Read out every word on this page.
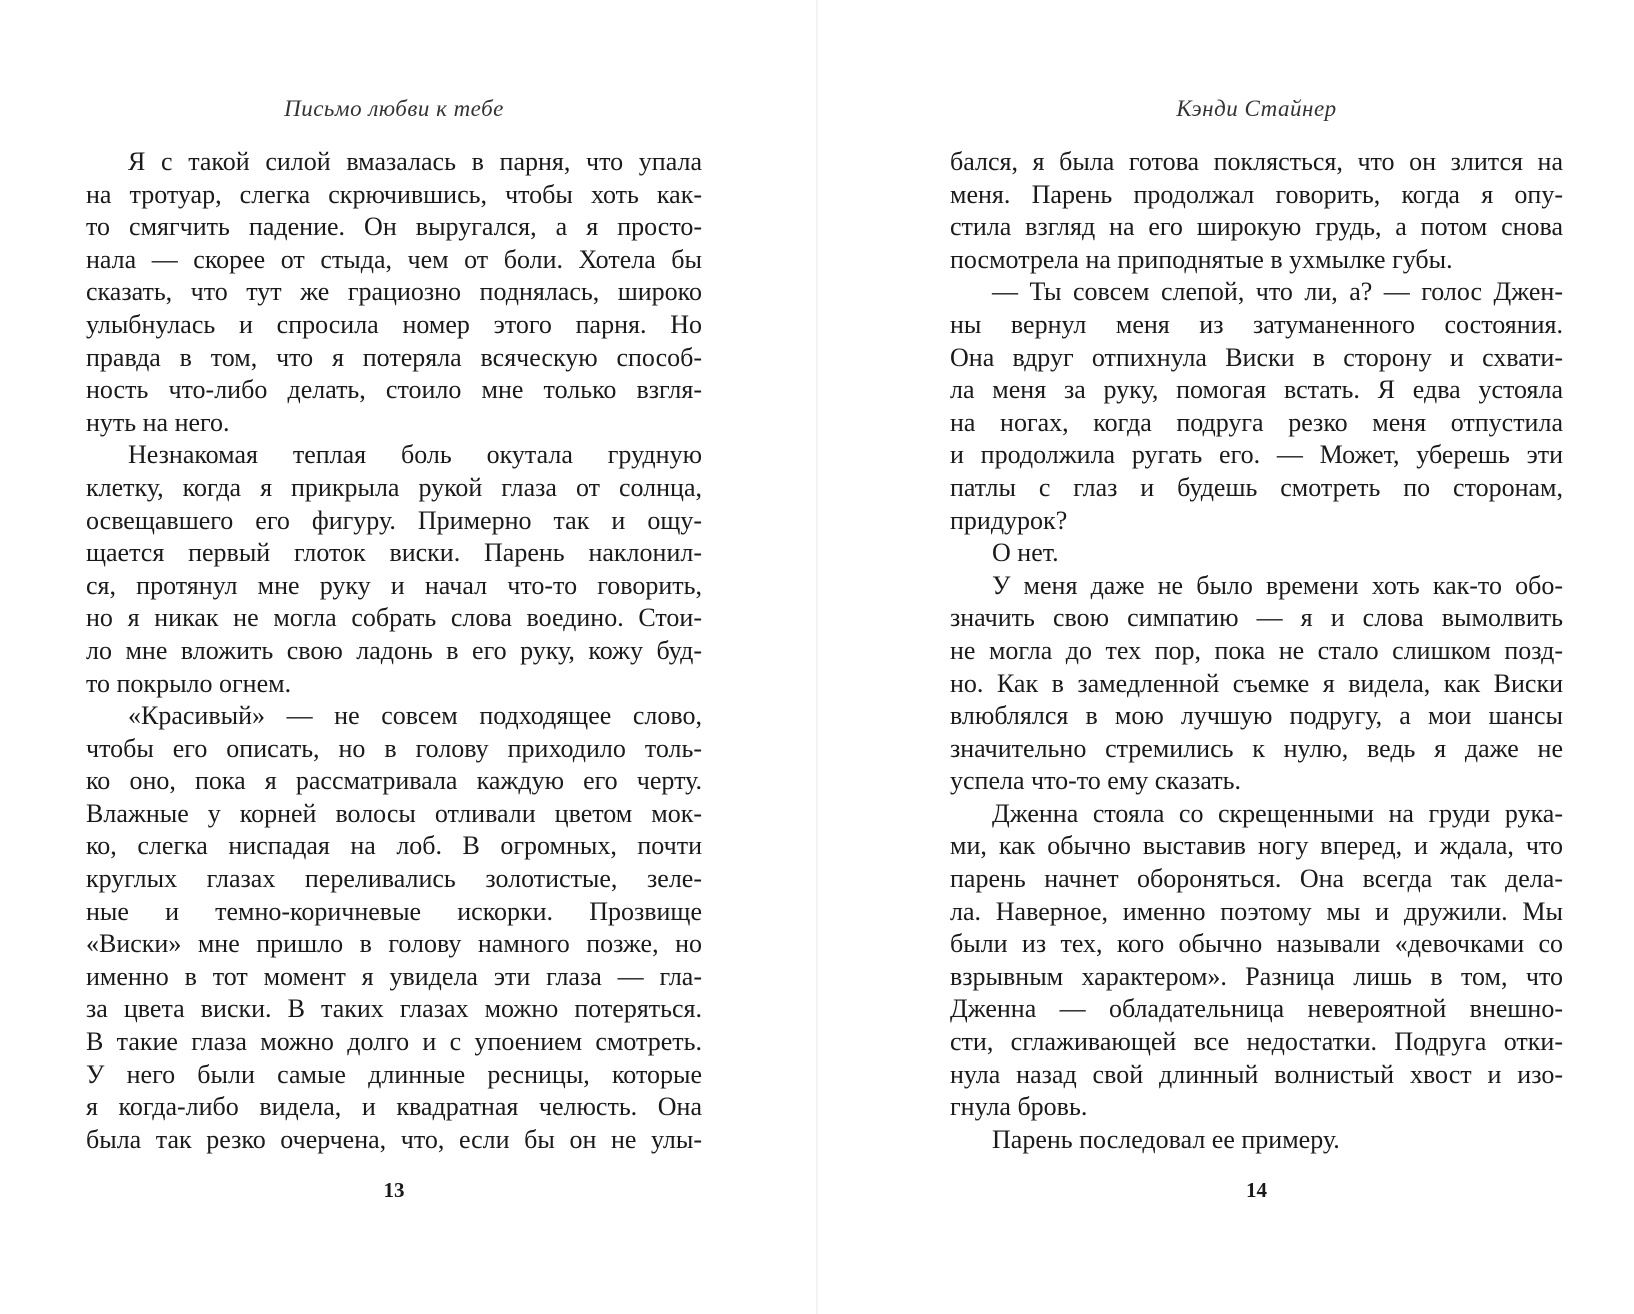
Письмо любви к тебе
Я с такой силой вмазалась в парня, что упала
на тротуар, слегка скрючившись, чтобы хоть как-
то смягчить падение. Он выругался, а я просто-
нала — скорее от стыда, чем от боли. Хотела бы
сказать, что тут же грациозно поднялась, широко
улыбнулась и спросила номер этого парня. Но
правда в том, что я потеряла всяческую способ-
ность что-либо делать, стоило мне только взгля-
нуть на него.
Незнакомая теплая боль окутала грудную
клетку, когда я прикрыла рукой глаза от солнца,
освещавшего его фигуру. Примерно так и ощу-
щается первый глоток виски. Парень наклонил-
ся, протянул мне руку и начал что-то говорить,
но я никак не могла собрать слова воедино. Стои-
ло мне вложить свою ладонь в его руку, кожу буд-
то покрыло огнем.
«Красивый» — не совсем подходящее слово,
чтобы его описать, но в голову приходило толь-
ко оно, пока я рассматривала каждую его черту.
Влажные у корней волосы отливали цветом мок-
ко, слегка ниспадая на лоб. В огромных, почти
круглых глазах переливались золотистые, зеле-
ные и темно-коричневые искорки. Прозвище
«Виски» мне пришло в голову намного позже, но
именно в тот момент я увидела эти глаза — гла-
за цвета виски. В таких глазах можно потеряться.
В такие глаза можно долго и с упоением смотреть.
У него были самые длинные ресницы, которые
я когда-либо видела, и квадратная челюсть. Она
была так резко очерчена, что, если бы он не улы-
13
Кэнди Стайнер
бался, я была готова поклясться, что он злится на
меня. Парень продолжал говорить, когда я опу-
стила взгляд на его широкую грудь, а потом снова
посмотрела на приподнятые в ухмылке губы.
— Ты совсем слепой, что ли, а? — голос Джен-
ны вернул меня из затуманенного состояния.
Она вдруг отпихнула Виски в сторону и схвати-
ла меня за руку, помогая встать. Я едва устояла
на ногах, когда подруга резко меня отпустила
и продолжила ругать его. — Может, уберешь эти
патлы с глаз и будешь смотреть по сторонам,
придурок?
О нет.
У меня даже не было времени хоть как-то обо-
значить свою симпатию — я и слова вымолвить
не могла до тех пор, пока не стало слишком позд-
но. Как в замедленной съемке я видела, как Виски
влюблялся в мою лучшую подругу, а мои шансы
значительно стремились к нулю, ведь я даже не
успела что-то ему сказать.
Дженна стояла со скрещенными на груди рука-
ми, как обычно выставив ногу вперед, и ждала, что
парень начнет обороняться. Она всегда так дела-
ла. Наверное, именно поэтому мы и дружили. Мы
были из тех, кого обычно называли «девочками со
взрывным характером». Разница лишь в том, что
Дженна — обладательница невероятной внешно-
сти, сглаживающей все недостатки. Подруга отки-
нула назад свой длинный волнистый хвост и изо-
гнула бровь.
Парень последовал ее примеру.
14
